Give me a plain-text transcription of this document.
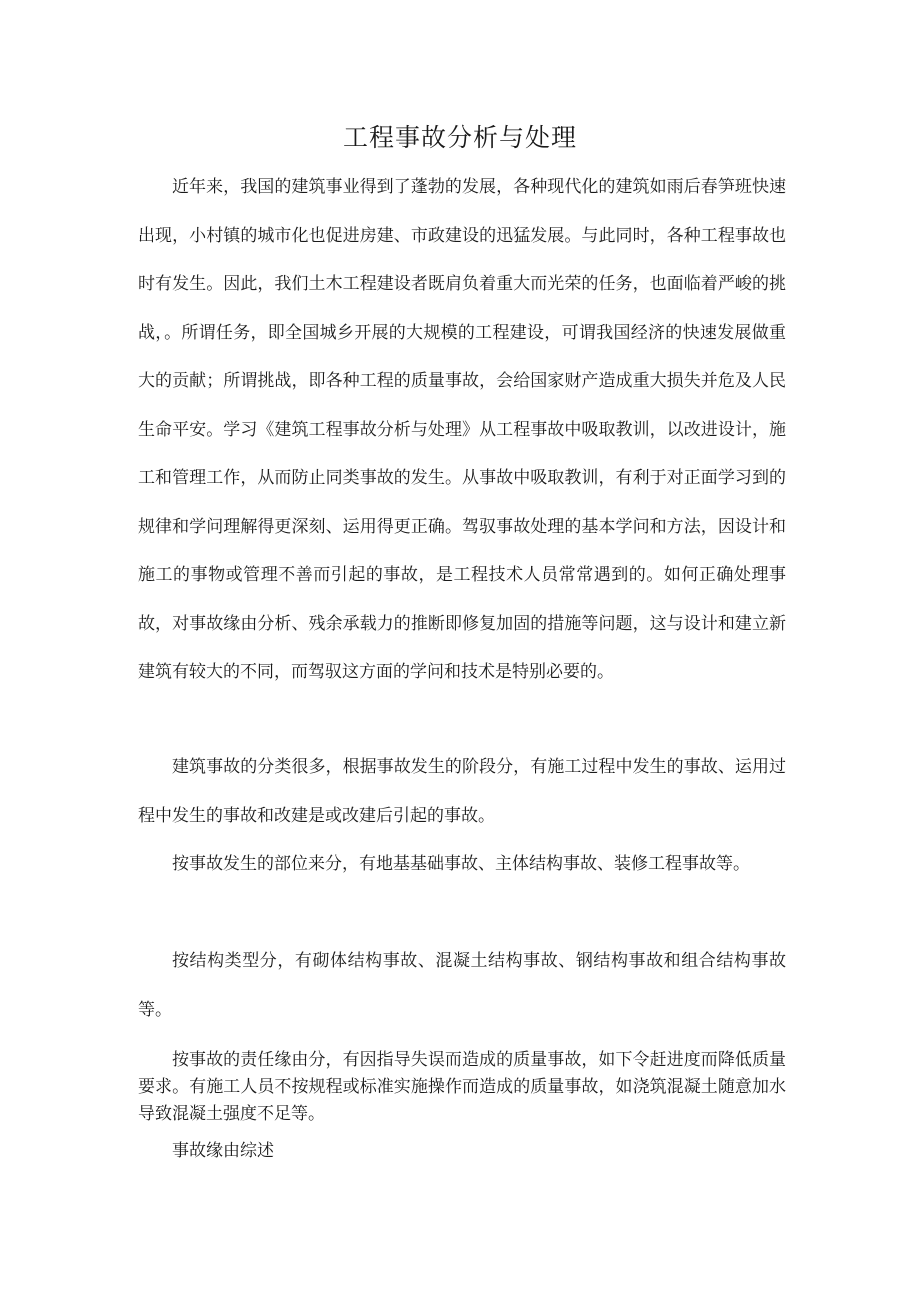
工程事故分析与处理

近年来，我国的建筑事业得到了蓬勃的发展，各种现代化的建筑如雨后春笋班快速出现，小村镇的城市化也促进房建、市政建设的迅猛发展。与此同时，各种工程事故也时有发生。因此，我们土木工程建设者既肩负着重大而光荣的任务，也面临着严峻的挑战，。所谓任务，即全国城乡开展的大规模的工程建设，可谓我国经济的快速发展做重大的贡献；所谓挑战，即各种工程的质量事故，会给国家财产造成重大损失并危及人民生命平安。学习《建筑工程事故分析与处理》从工程事故中吸取教训，以改进设计，施工和管理工作，从而防止同类事故的发生。从事故中吸取教训，有利于对正面学习到的规律和学问理解得更深刻、运用得更正确。驾驭事故处理的基本学问和方法，因设计和施工的事物或管理不善而引起的事故，是工程技术人员常常遇到的。如何正确处理事故，对事故缘由分析、残余承载力的推断即修复加固的措施等问题，这与设计和建立新建筑有较大的不同，而驾驭这方面的学问和技术是特别必要的。

建筑事故的分类很多，根据事故发生的阶段分，有施工过程中发生的事故、运用过程中发生的事故和改建是或改建后引起的事故。

按事故发生的部位来分，有地基基础事故、主体结构事故、装修工程事故等。

按结构类型分，有砌体结构事故、混凝土结构事故、钢结构事故和组合结构事故等。

按事故的责任缘由分，有因指导失误而造成的质量事故，如下令赶进度而降低质量要求。有施工人员不按规程或标准实施操作而造成的质量事故，如浇筑混凝土随意加水导致混凝土强度不足等。

事故缘由综述
